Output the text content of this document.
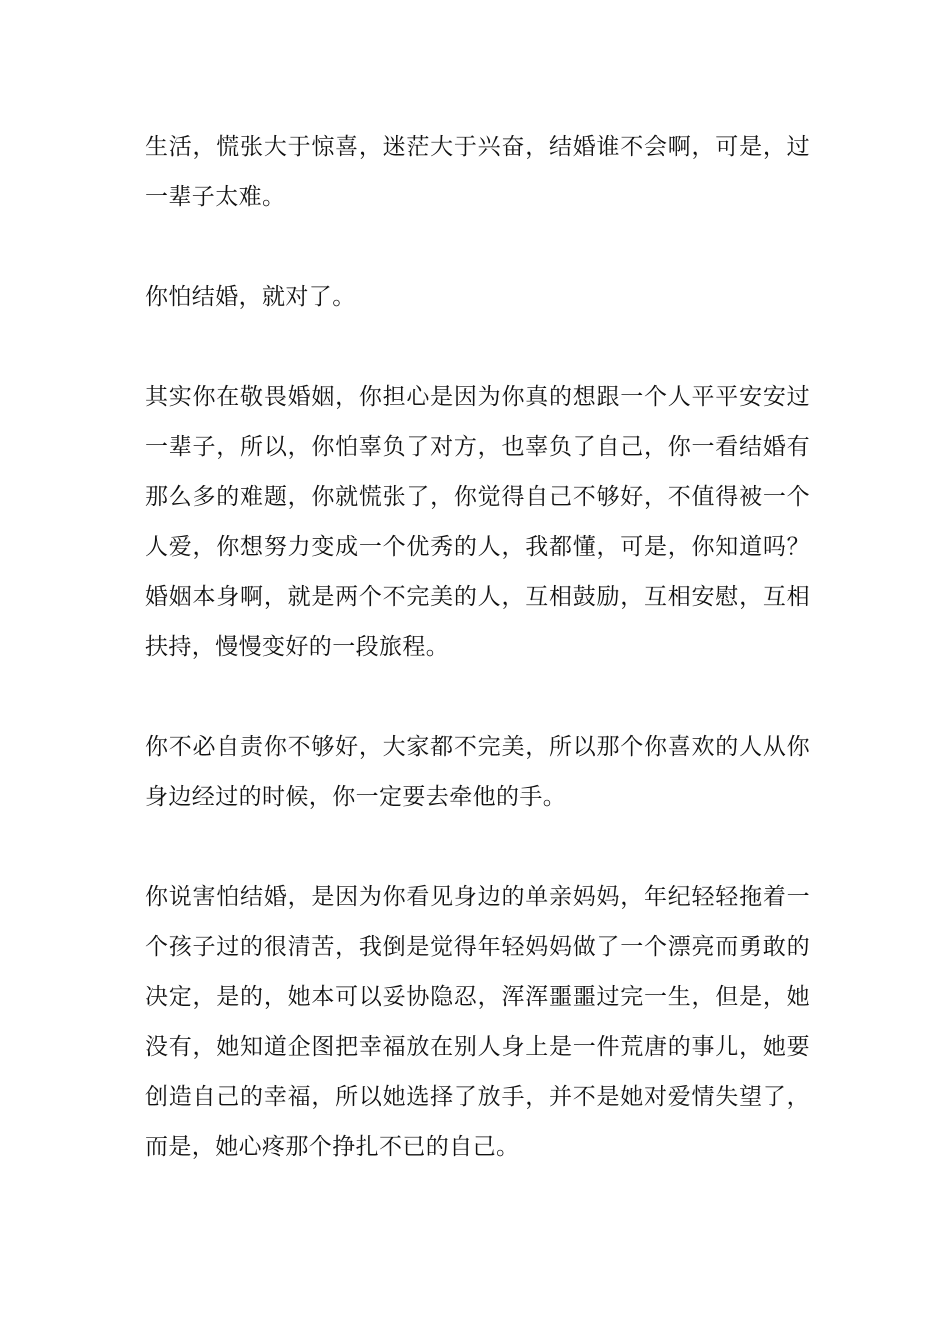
生活，慌张大于惊喜，迷茫大于兴奋，结婚谁不会啊，可是，过一辈子太难。

你怕结婚，就对了。

其实你在敬畏婚姻，你担心是因为你真的想跟一个人平平安安过一辈子，所以，你怕辜负了对方，也辜负了自己，你一看结婚有那么多的难题，你就慌张了，你觉得自己不够好，不值得被一个人爱，你想努力变成一个优秀的人，我都懂，可是，你知道吗？婚姻本身啊，就是两个不完美的人，互相鼓励，互相安慰，互相扶持，慢慢变好的一段旅程。

你不必自责你不够好，大家都不完美，所以那个你喜欢的人从你身边经过的时候，你一定要去牵他的手。

你说害怕结婚，是因为你看见身边的单亲妈妈，年纪轻轻拖着一个孩子过的很清苦，我倒是觉得年轻妈妈做了一个漂亮而勇敢的决定，是的，她本可以妥协隐忍，浑浑噩噩过完一生，但是，她没有，她知道企图把幸福放在别人身上是一件荒唐的事儿，她要创造自己的幸福，所以她选择了放手，并不是她对爱情失望了，而是，她心疼那个挣扎不已的自己。
